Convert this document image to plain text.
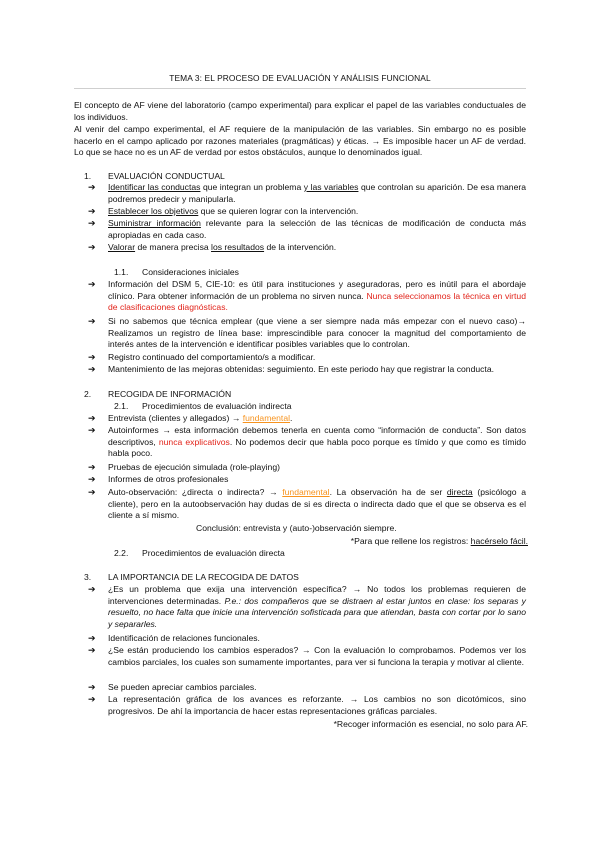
TEMA 3: EL PROCESO DE EVALUACIÓN Y ANÁLISIS FUNCIONAL
El concepto de AF viene del laboratorio (campo experimental) para explicar el papel de las variables conductuales de los individuos.
Al venir del campo experimental, el AF requiere de la manipulación de las variables. Sin embargo no es posible hacerlo en el campo aplicado por razones materiales (pragmáticas) y éticas. → Es imposible hacer un AF de verdad. Lo que se hace no es un AF de verdad por estos obstáculos, aunque lo denominados igual.
1. EVALUACIÓN CONDUCTUAL
➔ Identificar las conductas que integran un problema y las variables que controlan su aparición. De esa manera podremos predecir y manipularla.
➔ Establecer los objetivos que se quieren lograr con la intervención.
➔ Suministrar información relevante para la selección de las técnicas de modificación de conducta más apropiadas en cada caso.
➔ Valorar de manera precisa los resultados de la intervención.
1.1. Consideraciones iniciales
➔ Información del DSM 5, CIE-10: es útil para instituciones y aseguradoras, pero es inútil para el abordaje clínico. Para obtener información de un problema no sirven nunca. Nunca seleccionamos la técnica en virtud de clasificaciones diagnósticas.
➔ Si no sabemos que técnica emplear (que viene a ser siempre nada más empezar con el nuevo caso)→ Realizamos un registro de línea base: imprescindible para conocer la magnitud del comportamiento de interés antes de la intervención e identificar posibles variables que lo controlan.
➔ Registro continuado del comportamiento/s a modificar.
➔ Mantenimiento de las mejoras obtenidas: seguimiento. En este periodo hay que registrar la conducta.
2. RECOGIDA DE INFORMACIÓN
2.1. Procedimientos de evaluación indirecta
➔ Entrevista (clientes y allegados) → fundamental.
➔ Autoinformes → esta información debemos tenerla en cuenta como “información de conducta”. Son datos descriptivos, nunca explicativos. No podemos decir que habla poco porque es tímido y que como es tímido habla poco.
➔ Pruebas de ejecución simulada (role-playing)
➔ Informes de otros profesionales
➔ Auto-observación: ¿directa o indirecta? → fundamental. La observación ha de ser directa (psicólogo a cliente), pero en la autoobservación hay dudas de si es directa o indirecta dado que el que se observa es el cliente a sí mismo.
Conclusión: entrevista y (auto-)observación siempre.
*Para que rellene los registros: hacérselo fácil.
2.2. Procedimientos de evaluación directa
3. LA IMPORTANCIA DE LA RECOGIDA DE DATOS
➔ ¿Es un problema que exija una intervención específica? → No todos los problemas requieren de intervenciones determinadas. P.e.: dos compañeros que se distraen al estar juntos en clase: los separas y resuelto, no hace falta que inicie una intervención sofisticada para que atiendan, basta con cortar por lo sano y separarles.
➔ Identificación de relaciones funcionales.
➔ ¿Se están produciendo los cambios esperados? → Con la evaluación lo comprobamos. Podemos ver los cambios parciales, los cuales son sumamente importantes, para ver si funciona la terapia y motivar al cliente.
➔ Se pueden apreciar cambios parciales.
➔ La representación gráfica de los avances es reforzante. → Los cambios no son dicotómicos, sino progresivos. De ahí la importancia de hacer estas representaciones gráficas parciales.
*Recoger información es esencial, no solo para AF.
